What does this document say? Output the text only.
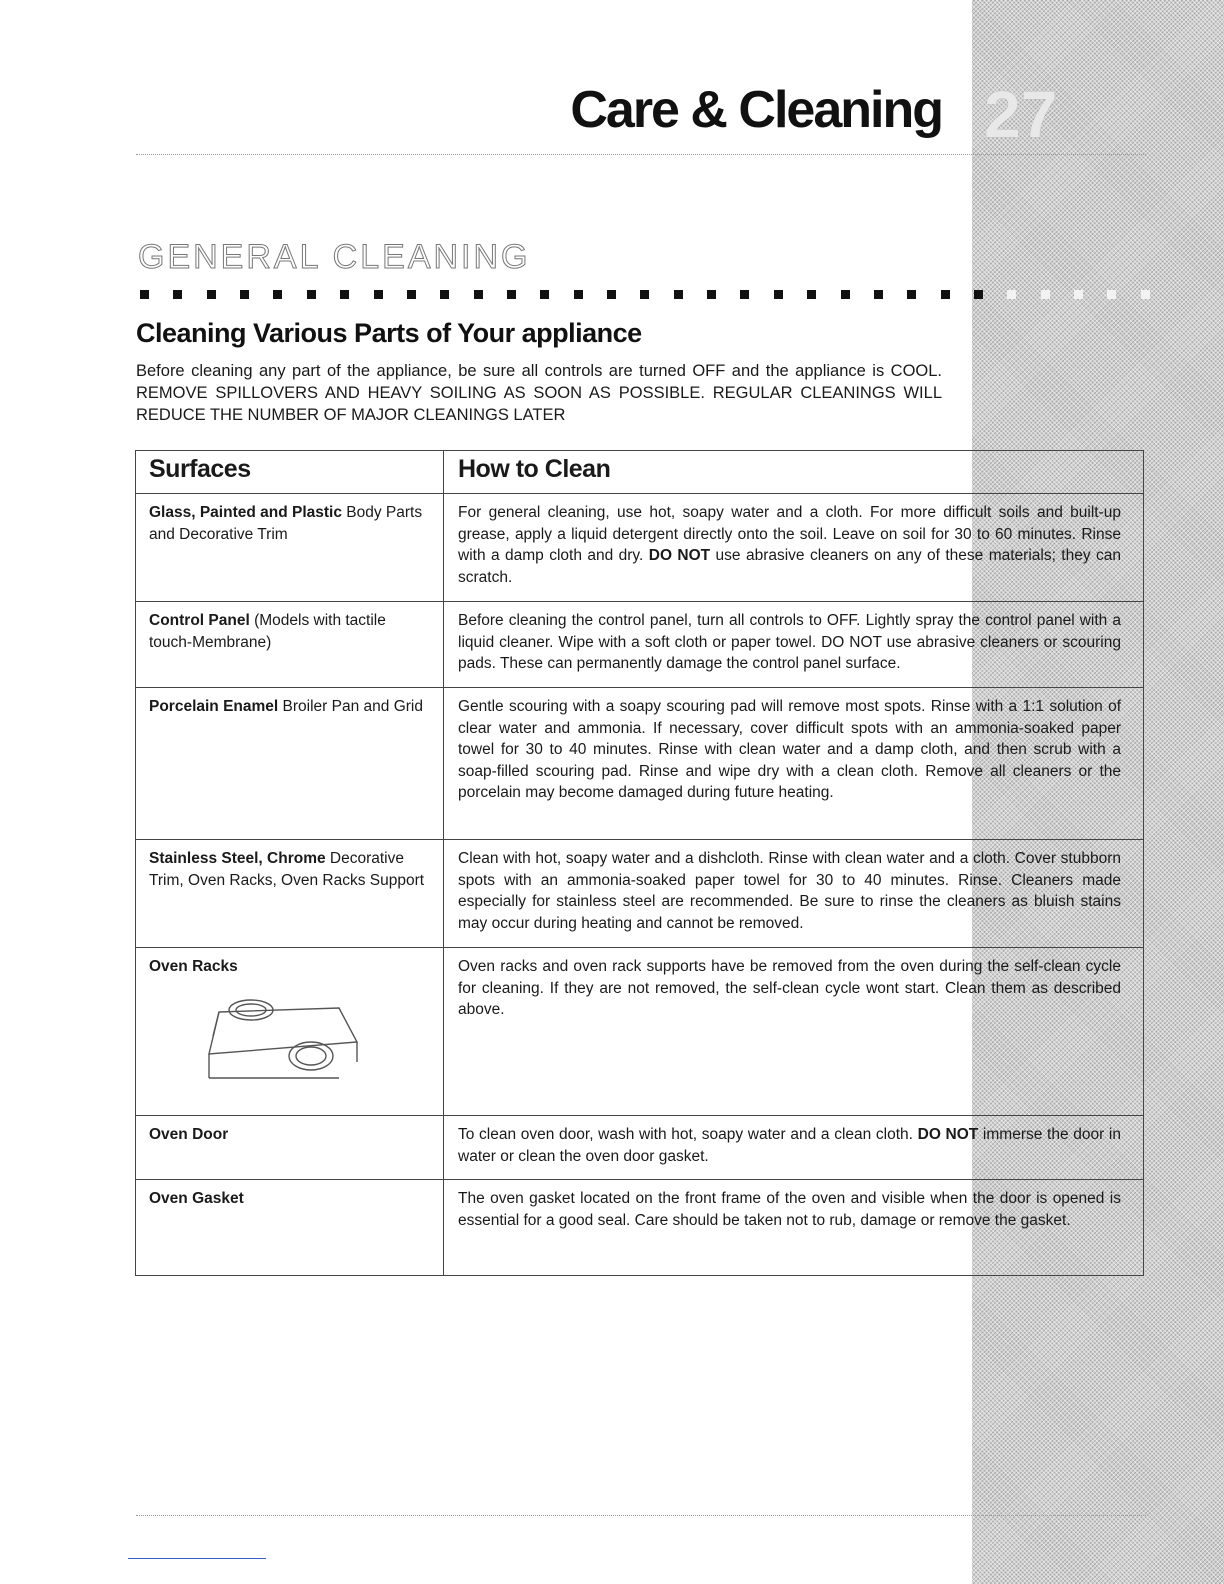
Care & Cleaning 27
GENERAL CLEANING
Cleaning Various Parts of Your appliance

Before cleaning any part of the appliance, be sure all controls are turned OFF and the appliance is COOL. REMOVE SPILLOVERS AND HEAVY SOILING AS SOON AS POSSIBLE. REGULAR CLEANINGS WILL REDUCE THE NUMBER OF MAJOR CLEANINGS LATER

Surfaces	How to Clean
Glass, Painted and Plastic Body Parts and Decorative Trim	For general cleaning, use hot, soapy water and a cloth. For more difficult soils and built-up grease, apply a liquid detergent directly onto the soil. Leave on soil for 30 to 60 minutes. Rinse with a damp cloth and dry. DO NOT use abrasive cleaners on any of these materials; they can scratch.
Control Panel (Models with tactile touch-Membrane)	Before cleaning the control panel, turn all controls to OFF. Lightly spray the control panel with a liquid cleaner. Wipe with a soft cloth or paper towel. DO NOT use abrasive cleaners or scouring pads. These can permanently damage the control panel surface.
Porcelain Enamel Broiler Pan and Grid	Gentle scouring with a soapy scouring pad will remove most spots. Rinse with a 1:1 solution of clear water and ammonia. If necessary, cover difficult spots with an ammonia-soaked paper towel for 30 to 40 minutes. Rinse with clean water and a damp cloth, and then scrub with a soap-filled scouring pad. Rinse and wipe dry with a clean cloth. Remove all cleaners or the porcelain may become damaged during future heating.
Stainless Steel, Chrome Decorative Trim, Oven Racks, Oven Racks Support	Clean with hot, soapy water and a dishcloth. Rinse with clean water and a cloth. Cover stubborn spots with an ammonia-soaked paper towel for 30 to 40 minutes. Rinse. Cleaners made especially for stainless steel are recommended. Be sure to rinse the cleaners as bluish stains may occur during heating and cannot be removed.
Oven Racks	Oven racks and oven rack supports have be removed from the oven during the self-clean cycle for cleaning. If they are not removed, the self-clean cycle wont start. Clean them as described above.
Oven Door	To clean oven door, wash with hot, soapy water and a clean cloth. DO NOT immerse the door in water or clean the oven door gasket.
Oven Gasket	The oven gasket located on the front frame of the oven and visible when the door is opened is essential for a good seal. Care should be taken not to rub, damage or remove the gasket.
